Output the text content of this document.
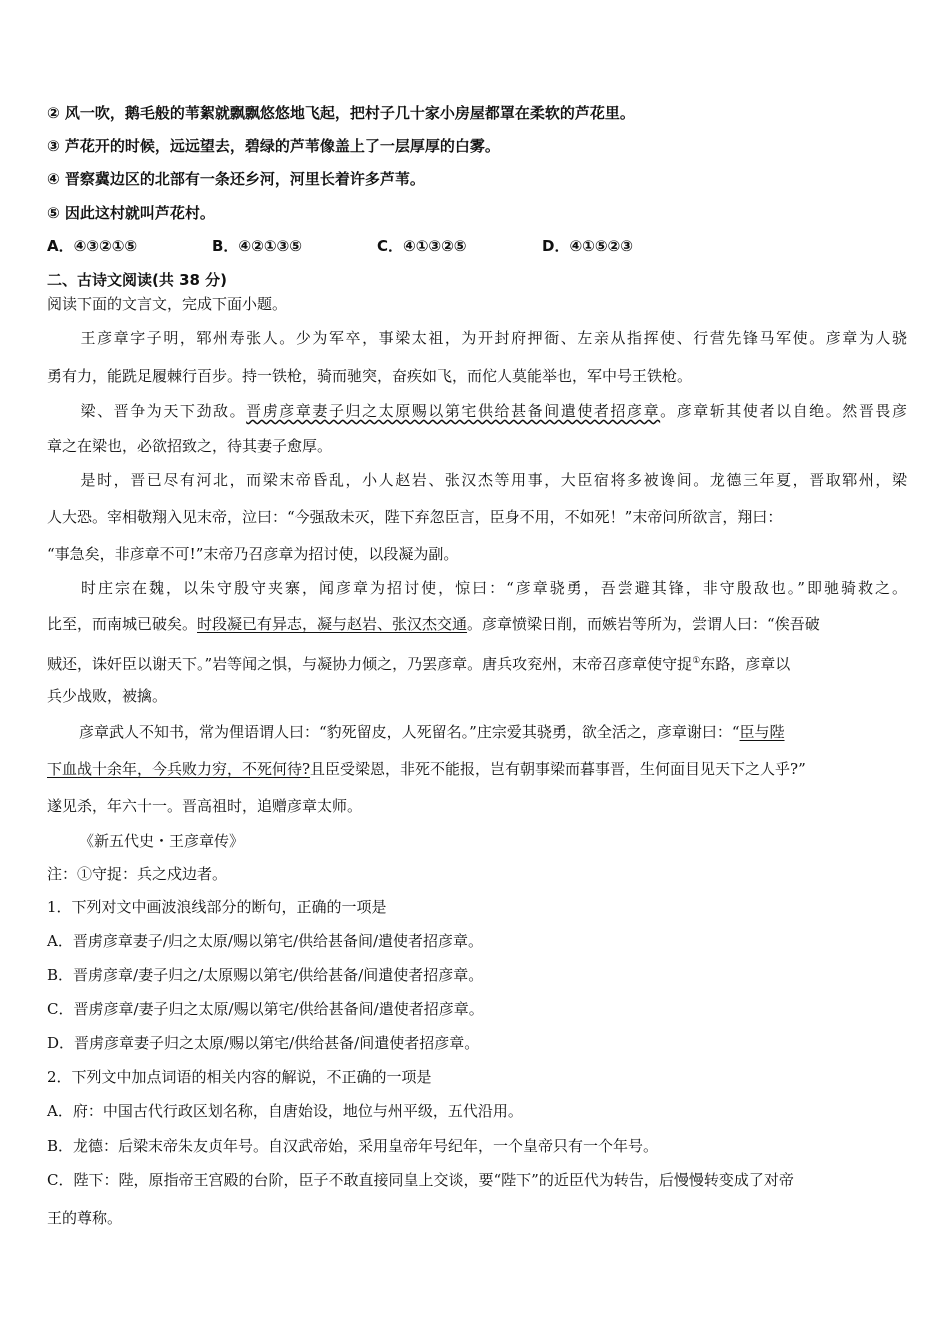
② 风一吹，鹅毛般的苇絮就飘飘悠悠地飞起，把村子几十家小房屋都罩在柔软的芦花里。
③ 芦花开的时候，远远望去，碧绿的芦苇像盖上了一层厚厚的白雾。
④ 晋察冀边区的北部有一条还乡河，河里长着许多芦苇。
⑤ 因此这村就叫芦花村。
A．④③②①⑤	B．④②①③⑤	C．④①③②⑤	D．④①⑤②③
二、古诗文阅读(共 38 分)
阅读下面的文言文，完成下面小题。
王彦章字子明，郓州寿张人。少为军卒，事梁太祖，为开封府押衙、左亲从指挥使、行营先锋马军使。彦章为人骁
勇有力，能跣足履棘行百步。持一铁枪，骑而驰突，奋疾如飞，而佗人莫能举也，军中号王铁枪。
梁、晋争为天下劲敌。晋虏彦章妻子归之太原赐以第宅供给甚备间遣使者招彦章。彦章斩其使者以自绝。然晋畏彦
章之在梁也，必欲招致之，待其妻子愈厚。
是时，晋已尽有河北，而梁末帝昏乱，小人赵岩、张汉杰等用事，大臣宿将多被谗间。龙德三年夏，晋取郓州，梁
人大恐。宰相敬翔入见末帝，泣曰：“今强敌未灭，陛下弃忽臣言，臣身不用，不如死！”末帝问所欲言，翔曰：
“事急矣，非彦章不可!”末帝乃召彦章为招讨使，以段凝为副。
时庄宗在魏，以朱守殷守夹寨，闻彦章为招讨使，惊曰：“彦章骁勇，吾尝避其锋，非守殷敌也。”即驰骑救之。
比至，而南城已破矣。时段凝已有异志，凝与赵岩、张汉杰交通。彦章愤梁日削，而嫉岩等所为，尝谓人曰：“俟吾破
贼还，诛奸臣以谢天下。”岩等闻之惧，与凝协力倾之，乃罢彦章。唐兵攻兖州，末帝召彦章使守捉①东路，彦章以
兵少战败，被擒。
彦章武人不知书，常为俚语谓人曰：“豹死留皮，人死留名。”庄宗爱其骁勇，欲全活之，彦章谢曰：“臣与陛
下血战十余年，今兵败力穷，不死何待?且臣受梁恩，非死不能报，岂有朝事梁而暮事晋，生何面目见天下之人乎?”
遂见杀，年六十一。晋高祖时，追赠彦章太师。
《新五代史・王彦章传》
注：①守捉：兵之戍边者。
1．下列对文中画波浪线部分的断句，正确的一项是
A．晋虏彦章妻子/归之太原/赐以第宅/供给甚备间/遣使者招彦章。
B．晋虏彦章/妻子归之/太原赐以第宅/供给甚备/间遣使者招彦章。
C．晋虏彦章/妻子归之太原/赐以第宅/供给甚备间/遣使者招彦章。
D．晋虏彦章妻子归之太原/赐以第宅/供给甚备/间遣使者招彦章。
2．下列文中加点词语的相关内容的解说，不正确的一项是
A．府：中国古代行政区划名称，自唐始设，地位与州平级，五代沿用。
B．龙德：后梁末帝朱友贞年号。自汉武帝始，采用皇帝年号纪年，一个皇帝只有一个年号。
C．陛下：陛，原指帝王宫殿的台阶，臣子不敢直接同皇上交谈，要“陛下”的近臣代为转告，后慢慢转变成了对帝
王的尊称。
